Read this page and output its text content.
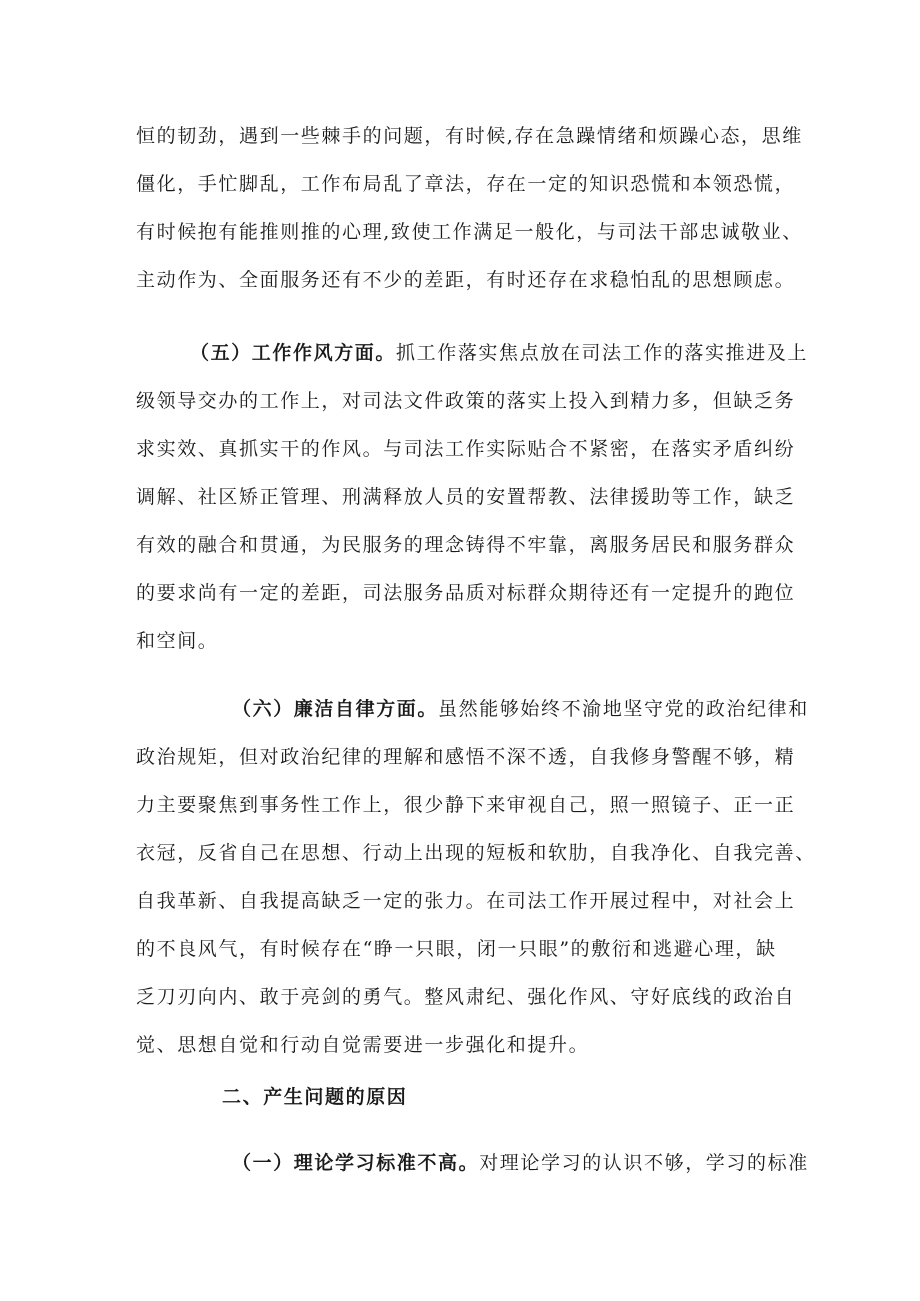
恒的韧劲，遇到一些棘手的问题，有时候,存在急躁情绪和烦躁心态，思维
僵化，手忙脚乱，工作布局乱了章法，存在一定的知识恐慌和本领恐慌，
有时候抱有能推则推的心理,致使工作满足一般化，与司法干部忠诚敬业、
主动作为、全面服务还有不少的差距，有时还存在求稳怕乱的思想顾虑。
（五）工作作风方面。抓工作落实焦点放在司法工作的落实推进及上
级领导交办的工作上，对司法文件政策的落实上投入到精力多，但缺乏务
求实效、真抓实干的作风。与司法工作实际贴合不紧密，在落实矛盾纠纷
调解、社区矫正管理、刑满释放人员的安置帮教、法律援助等工作，缺乏
有效的融合和贯通，为民服务的理念铸得不牢靠，离服务居民和服务群众
的要求尚有一定的差距，司法服务品质对标群众期待还有一定提升的跑位
和空间。
（六）廉洁自律方面。虽然能够始终不渝地坚守党的政治纪律和
政治规矩，但对政治纪律的理解和感悟不深不透，自我修身警醒不够，精
力主要聚焦到事务性工作上，很少静下来审视自己，照一照镜子、正一正
衣冠，反省自己在思想、行动上出现的短板和软肋，自我净化、自我完善、
自我革新、自我提高缺乏一定的张力。在司法工作开展过程中，对社会上
的不良风气，有时候存在“睁一只眼，闭一只眼”的敷衍和逃避心理，缺
乏刀刃向内、敢于亮剑的勇气。整风肃纪、强化作风、守好底线的政治自
觉、思想自觉和行动自觉需要进一步强化和提升。
二、产生问题的原因
（一）理论学习标准不高。对理论学习的认识不够，学习的标准
